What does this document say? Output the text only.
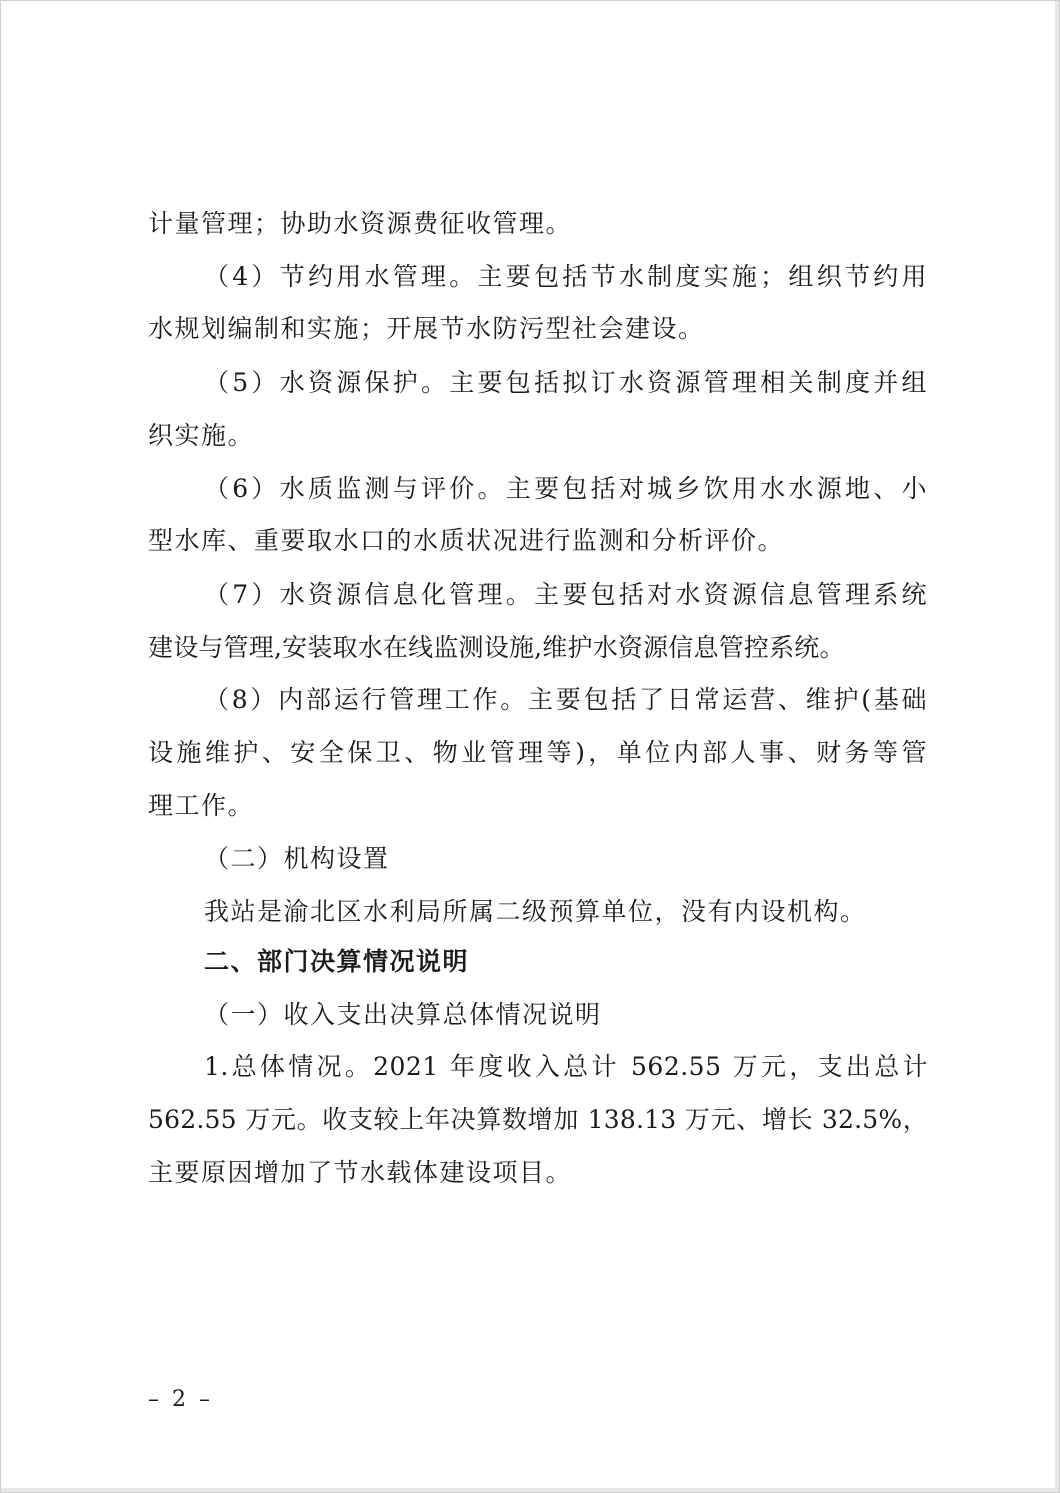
计量管理；协助水资源费征收管理。
（4）节约用水管理。主要包括节水制度实施；组织节约用
水规划编制和实施；开展节水防污型社会建设。
（5）水资源保护。主要包括拟订水资源管理相关制度并组
织实施。
（6）水质监测与评价。主要包括对城乡饮用水水源地、小
型水库、重要取水口的水质状况进行监测和分析评价。
（7）水资源信息化管理。主要包括对水资源信息管理系统
建设与管理,安装取水在线监测设施,维护水资源信息管控系统。
（8）内部运行管理工作。主要包括了日常运营、维护(基础
设施维护、安全保卫、物业管理等)，单位内部人事、财务等管
理工作。
（二）机构设置
我站是渝北区水利局所属二级预算单位，没有内设机构。
二、部门决算情况说明
（一）收入支出决算总体情况说明
1.总体情况。2021 年度收入总计 562.55 万元，支出总计
562.55 万元。收支较上年决算数增加 138.13 万元、增长 32.5%，
主要原因增加了节水载体建设项目。
– 2 –
